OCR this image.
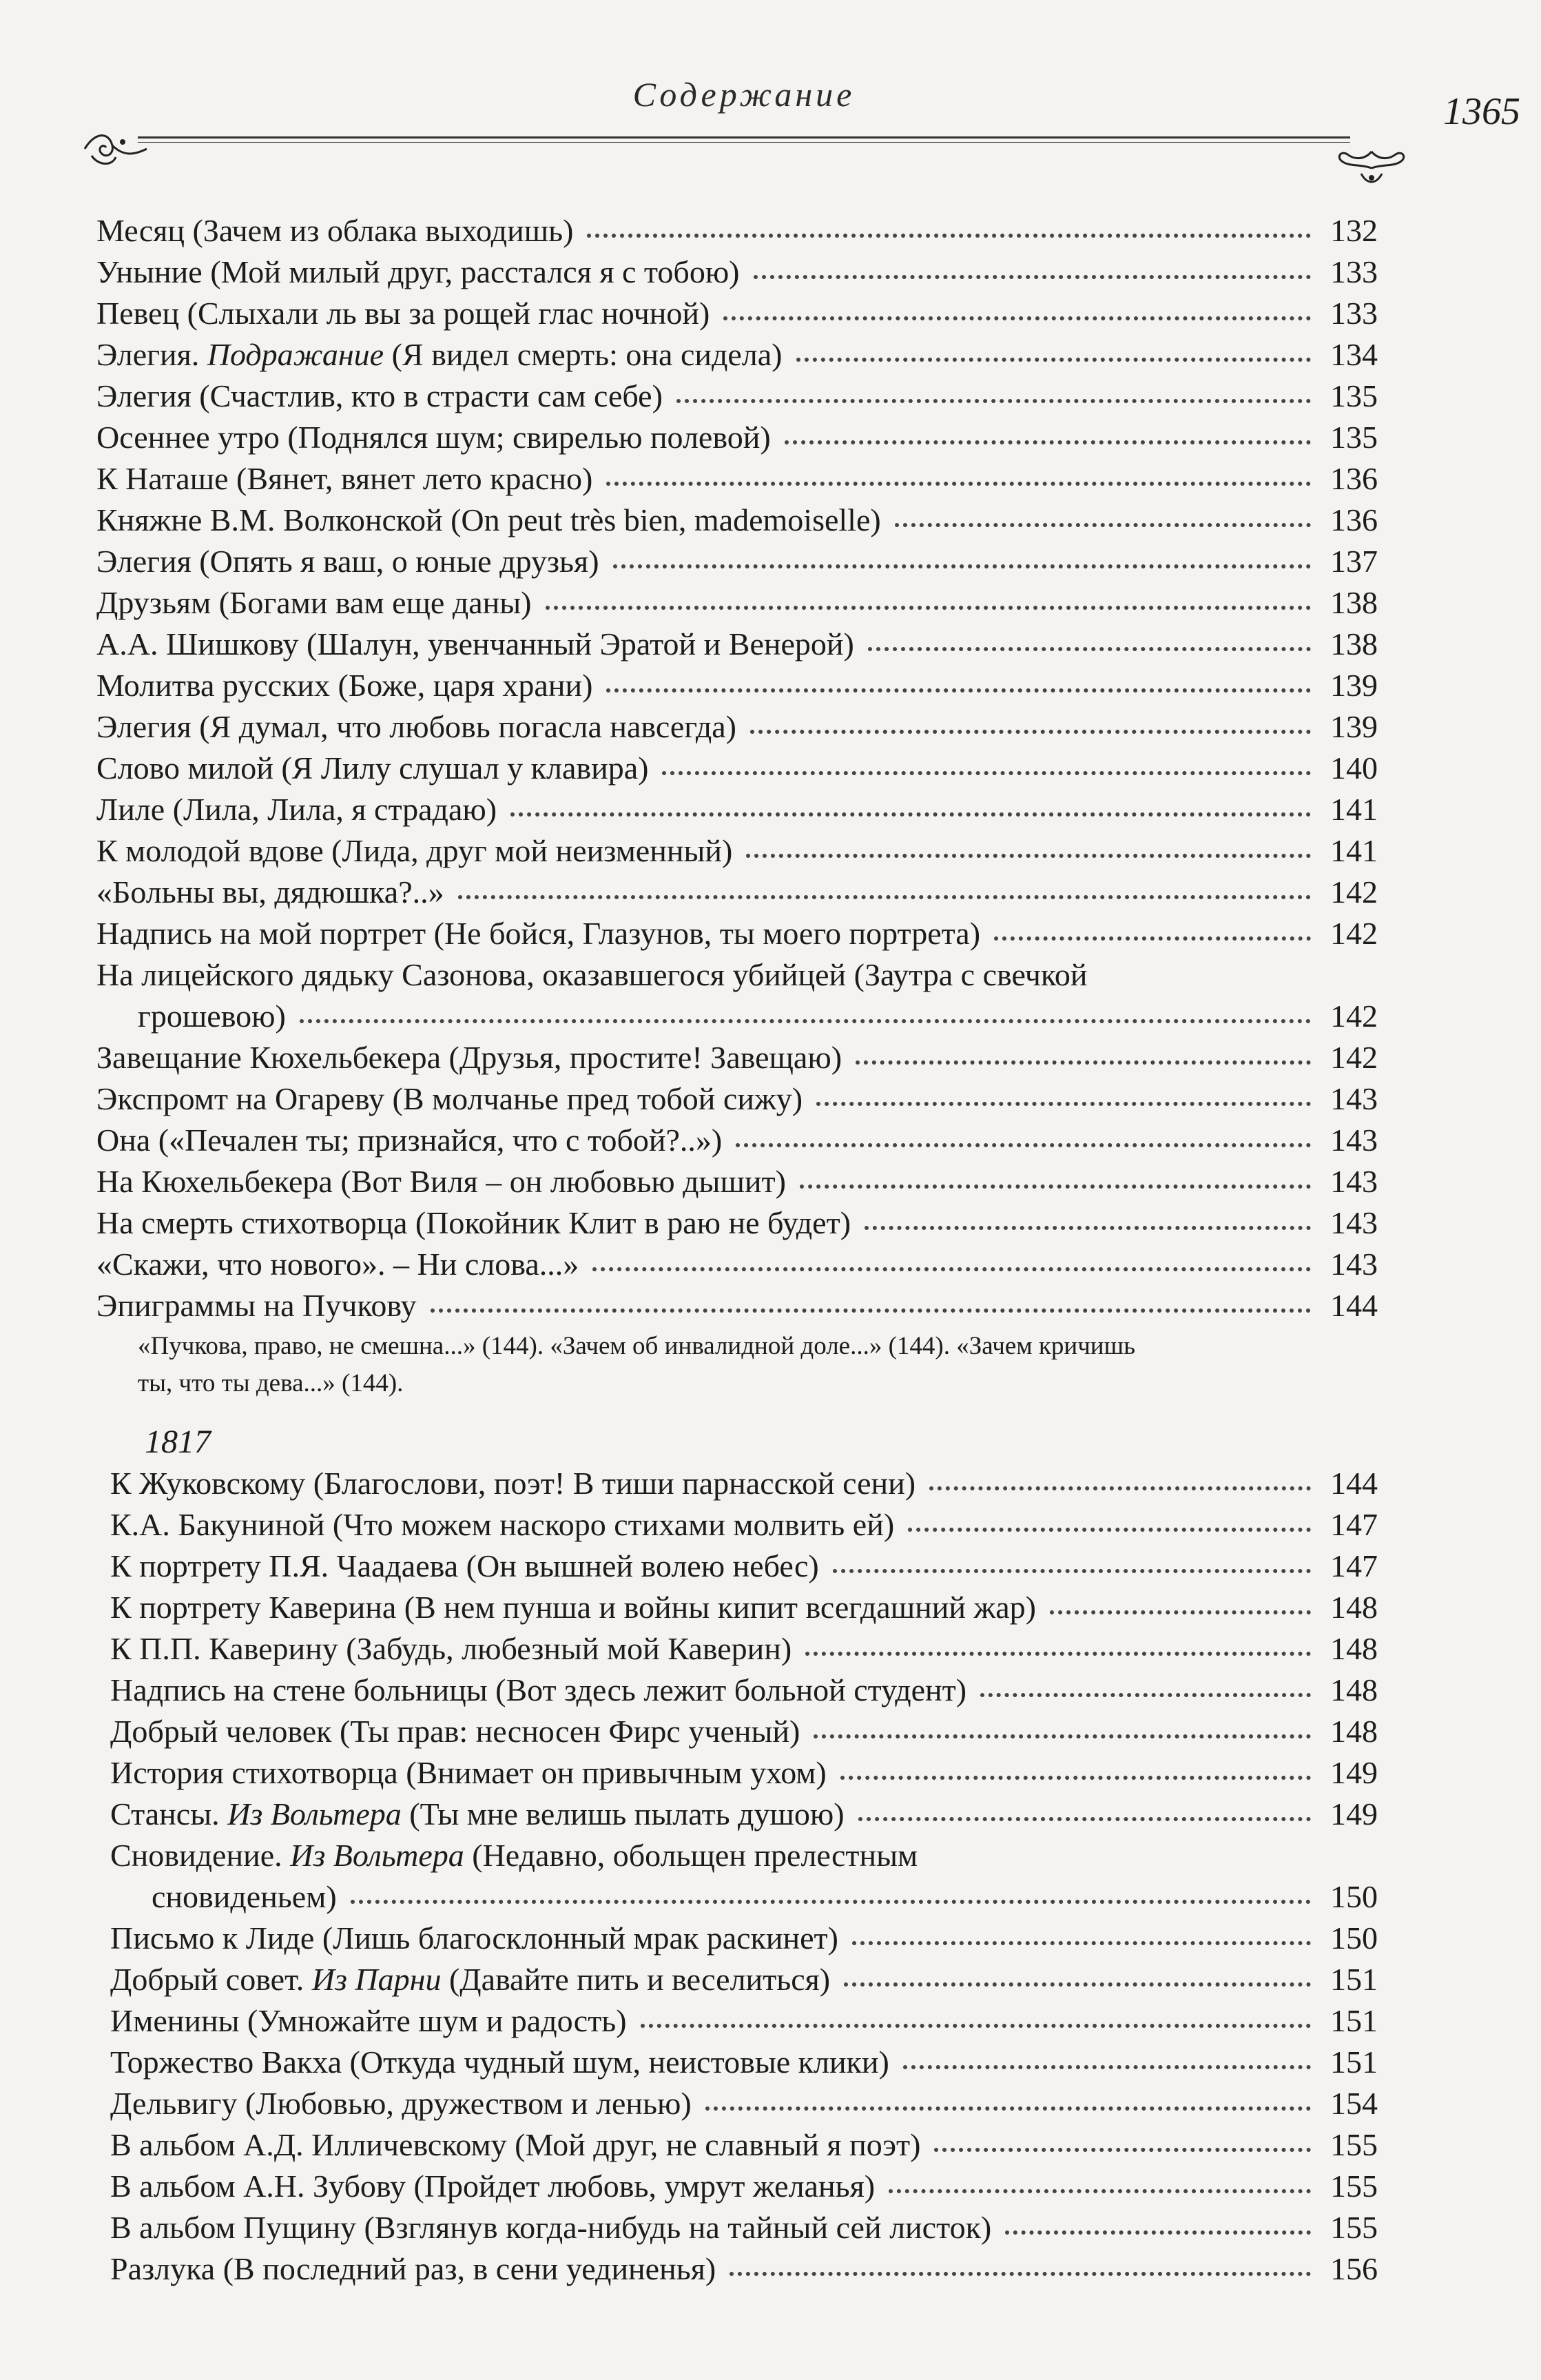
Содержание	1365
Месяц (Зачем из облака выходишь)	132
Уныние (Мой милый друг, расстался я с тобою)	133
Певец (Слыхали ль вы за рощей глас ночной)	133
Элегия. Подражание (Я видел смерть: она сидела)	134
Элегия (Счастлив, кто в страсти сам себе)	135
Осеннее утро (Поднялся шум; свирелью полевой)	135
К Наташе (Вянет, вянет лето красно)	136
Княжне В.М. Волконской (On peut très bien, mademoiselle)	136
Элегия (Опять я ваш, о юные друзья)	137
Друзьям (Богами вам еще даны)	138
А.А. Шишкову (Шалун, увенчанный Эратой и Венерой)	138
Молитва русских (Боже, царя храни)	139
Элегия (Я думал, что любовь погасла навсегда)	139
Слово милой (Я Лилу слушал у клавира)	140
Лиле (Лила, Лила, я страдаю)	141
К молодой вдове (Лида, друг мой неизменный)	141
«Больны вы, дядюшка?..»	142
Надпись на мой портрет (Не бойся, Глазунов, ты моего портрета)	142
На лицейского дядьку Сазонова, оказавшегося убийцей (Заутра с свечкой
грошевою)	142
Завещание Кюхельбекера (Друзья, простите! Завещаю)	142
Экспромт на Огареву (В молчанье пред тобой сижу)	143
Она («Печален ты; признайся, что с тобой?..»)	143
На Кюхельбекера (Вот Виля – он любовью дышит)	143
На смерть стихотворца (Покойник Клит в раю не будет)	143
«Скажи, что нового». – Ни слова...»	143
Эпиграммы на Пучкову	144
«Пучкова, право, не смешна...» (144). «Зачем об инвалидной доле...» (144). «Зачем кричишь
ты, что ты дева...» (144).
1817
К Жуковскому (Благослови, поэт! В тиши парнасской сени)	144
К.А. Бакуниной (Что можем наскоро стихами молвить ей)	147
К портрету П.Я. Чаадаева (Он вышней волею небес)	147
К портрету Каверина (В нем пунша и войны кипит всегдашний жар)	148
К П.П. Каверину (Забудь, любезный мой Каверин)	148
Надпись на стене больницы (Вот здесь лежит больной студент)	148
Добрый человек (Ты прав: несносен Фирс ученый)	148
История стихотворца (Внимает он привычным ухом)	149
Стансы. Из Вольтера (Ты мне велишь пылать душою)	149
Сновидение. Из Вольтера (Недавно, обольщен прелестным
сновиденьем)	150
Письмо к Лиде (Лишь благосклонный мрак раскинет)	150
Добрый совет. Из Парни (Давайте пить и веселиться)	151
Именины (Умножайте шум и радость)	151
Торжество Вакха (Откуда чудный шум, неистовые клики)	151
Дельвигу (Любовью, дружеством и ленью)	154
В альбом А.Д. Илличевскому (Мой друг, не славный я поэт)	155
В альбом А.Н. Зубову (Пройдет любовь, умрут желанья)	155
В альбом Пущину (Взглянув когда-нибудь на тайный сей листок)	155
Разлука (В последний раз, в сени уединенья)	156
